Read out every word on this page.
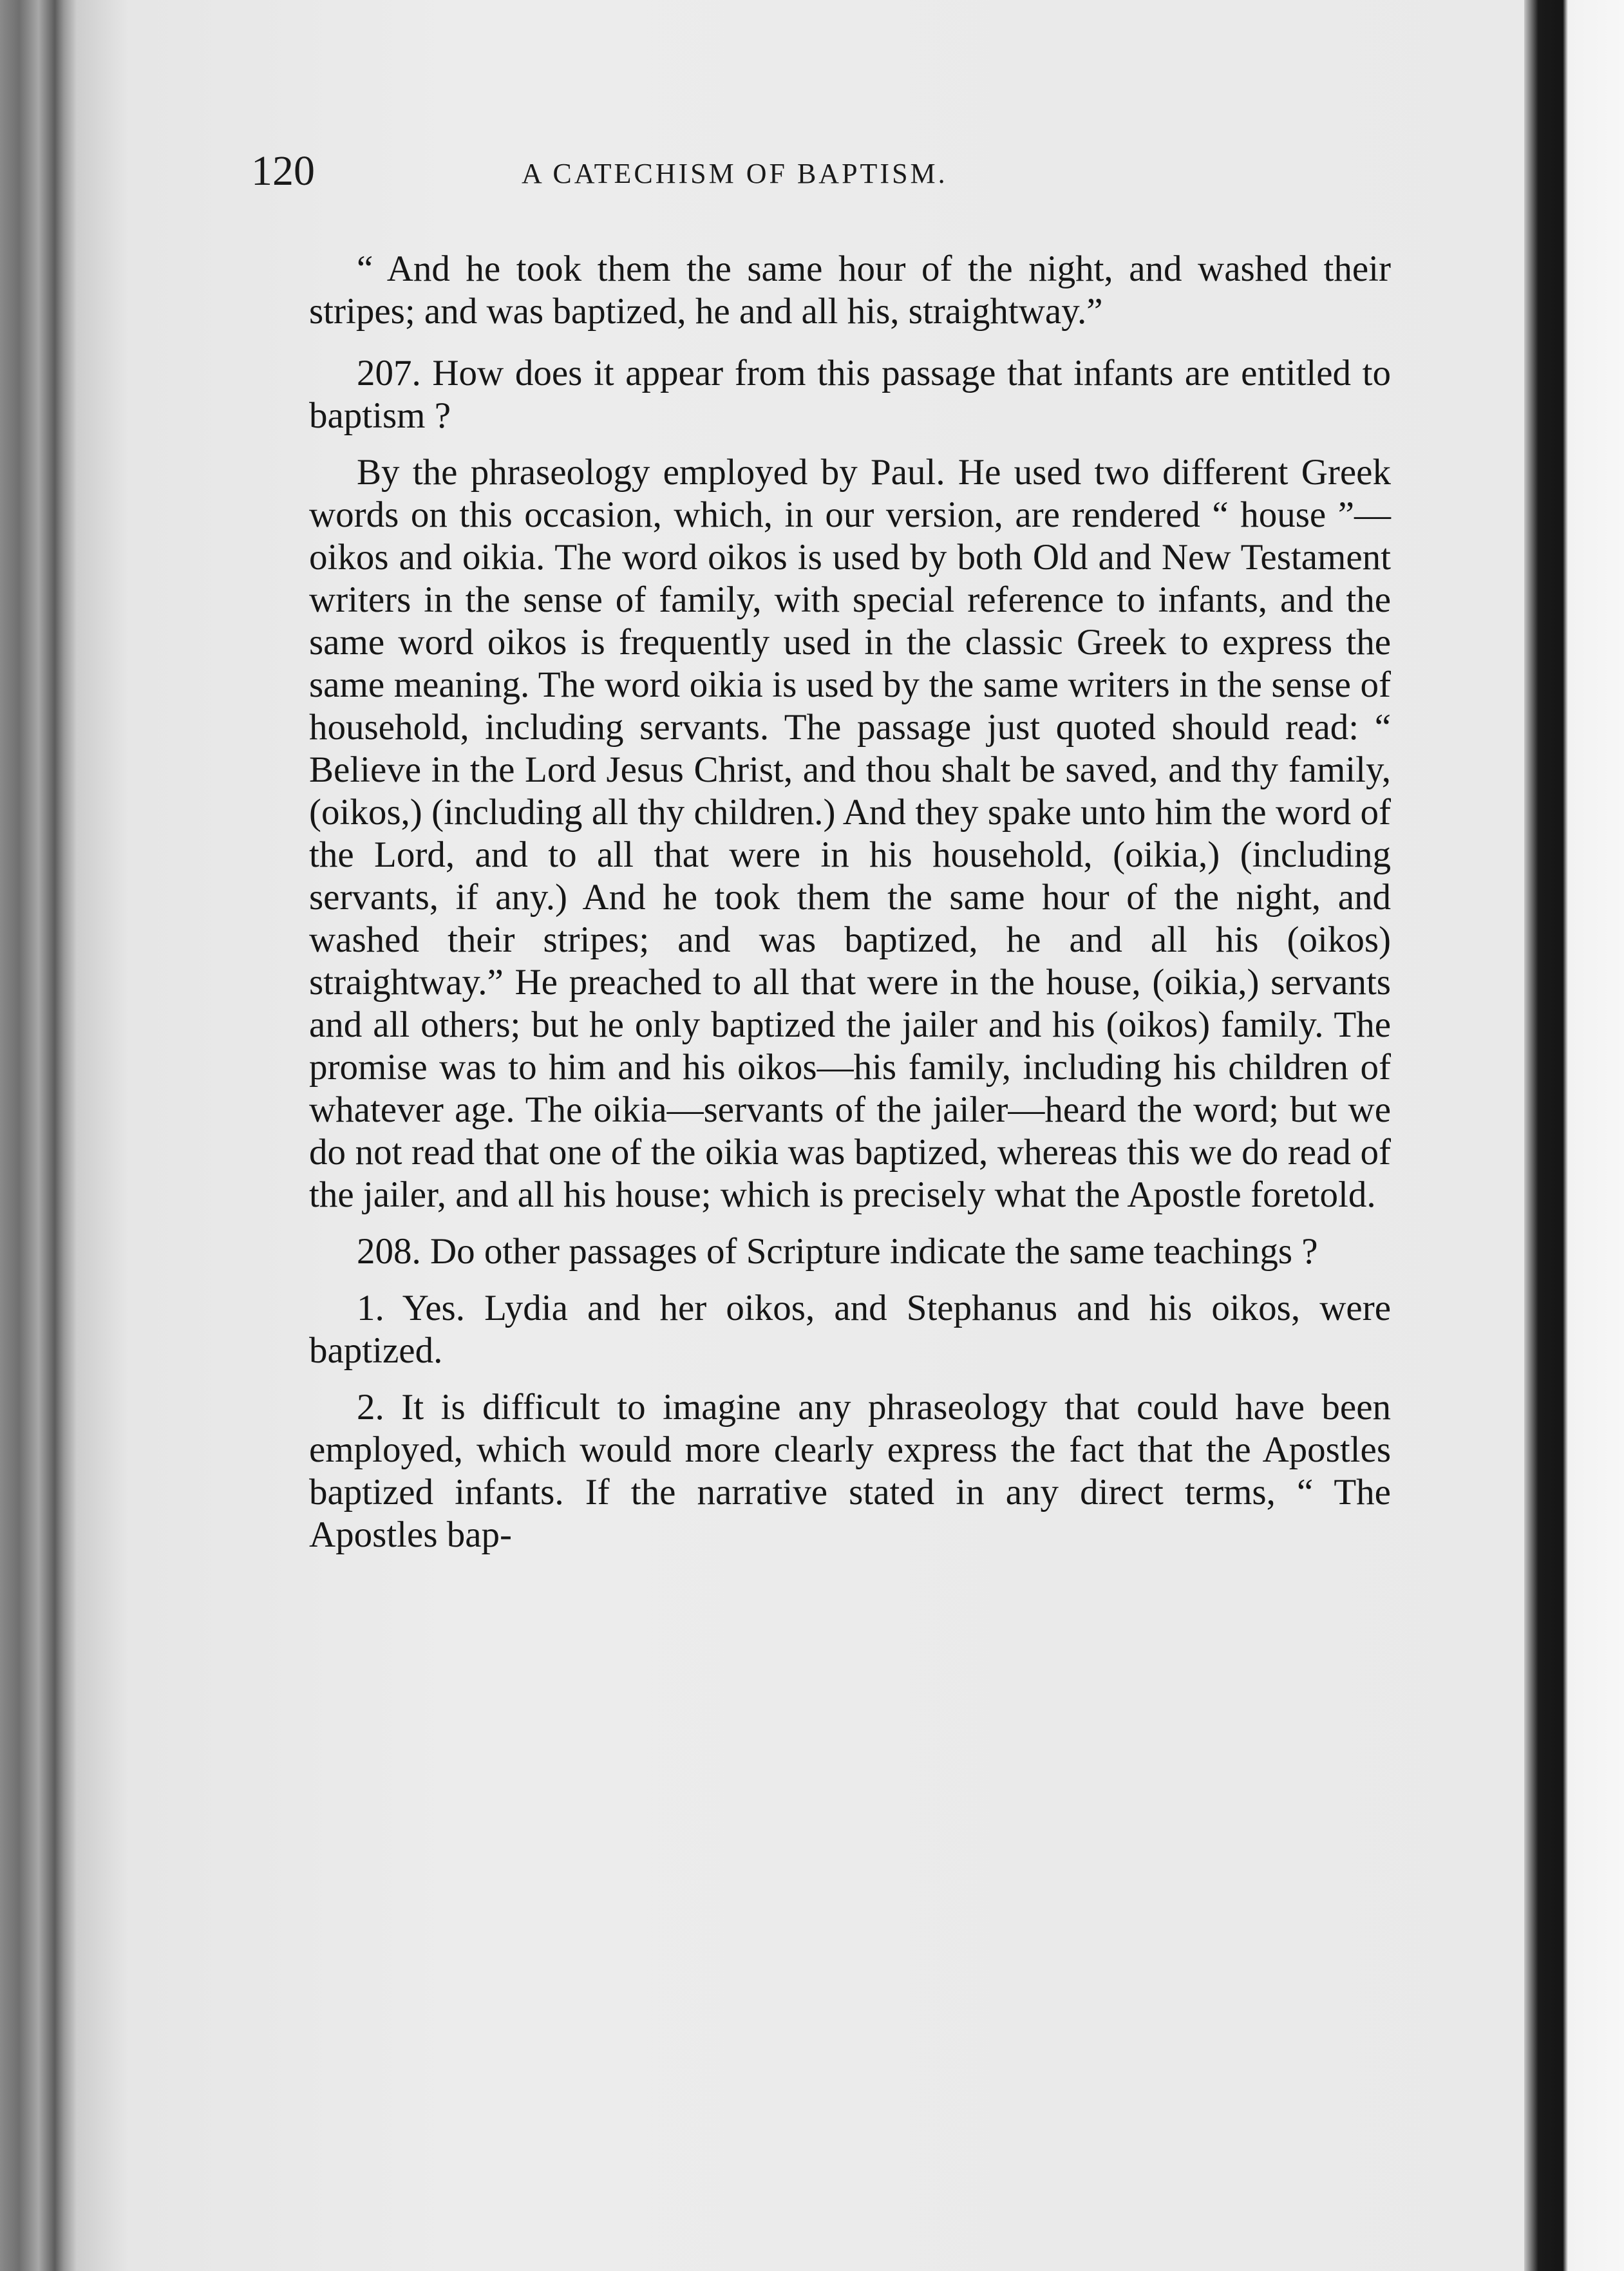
120	A CATECHISM OF BAPTISM.

“ And he took them the same hour of the night, and washed their stripes; and was baptized, he and all his, straightway.”

207. How does it appear from this passage that infants are entitled to baptism ?

By the phraseology employed by Paul. He used two different Greek words on this occasion, which, in our version, are rendered “ house ”—oikos and oikia. The word oikos is used by both Old and New Testament writers in the sense of family, with special reference to infants, and the same word oikos is frequently used in the classic Greek to express the same meaning. The word oikia is used by the same writers in the sense of household, including servants. The passage just quoted should read: “ Believe in the Lord Jesus Christ, and thou shalt be saved, and thy family, (oikos,) (including all thy children.) And they spake unto him the word of the Lord, and to all that were in his household, (oikia,) (including servants, if any.) And he took them the same hour of the night, and washed their stripes; and was baptized, he and all his (oikos) straightway.” He preached to all that were in the house, (oikia,) servants and all others; but he only baptized the jailer and his (oikos) family. The promise was to him and his oikos—his family, including his children of whatever age. The oikia—servants of the jailer—heard the word; but we do not read that one of the oikia was baptized, whereas this we do read of the jailer, and all his house; which is precisely what the Apostle foretold.

208. Do other passages of Scripture indicate the same teachings ?

1. Yes. Lydia and her oikos, and Stephanus and his oikos, were baptized.

2. It is difficult to imagine any phraseology that could have been employed, which would more clearly express the fact that the Apostles baptized infants. If the narrative stated in any direct terms, “ The Apostles bap-
